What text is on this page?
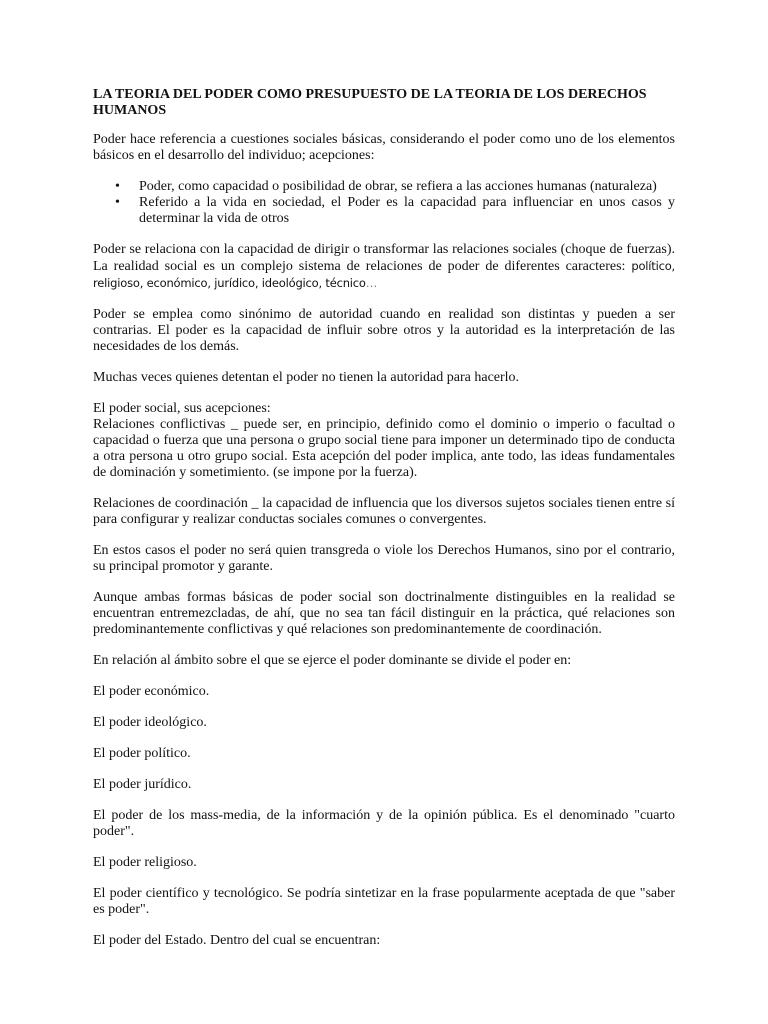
LA TEORIA DEL PODER COMO PRESUPUESTO DE LA TEORIA DE LOS DERECHOS HUMANOS

Poder hace referencia a cuestiones sociales básicas, considerando el poder como uno de los elementos básicos en el desarrollo del individuo; acepciones:

• Poder, como capacidad o posibilidad de obrar, se refiera a las acciones humanas (naturaleza)
• Referido a la vida en sociedad, el Poder es la capacidad para influenciar en unos casos y determinar la vida de otros

Poder se relaciona con la capacidad de dirigir o transformar las relaciones sociales (choque de fuerzas). La realidad social es un complejo sistema de relaciones de poder de diferentes caracteres: político, religioso, económico, jurídico, ideológico, técnico…

Poder se emplea como sinónimo de autoridad cuando en realidad son distintas y pueden a ser contrarias. El poder es la capacidad de influir sobre otros y la autoridad es la interpretación de las necesidades de los demás.

Muchas veces quienes detentan el poder no tienen la autoridad para hacerlo.

El poder social, sus acepciones:

Relaciones conflictivas _ puede ser, en principio, definido como el dominio o imperio o facultad o capacidad o fuerza que una persona o grupo social tiene para imponer un determinado tipo de conducta a otra persona u otro grupo social. Esta acepción del poder implica, ante todo, las ideas fundamentales de dominación y sometimiento. (se impone por la fuerza).

Relaciones de coordinación _ la capacidad de influencia que los diversos sujetos sociales tienen entre sí para configurar y realizar conductas sociales comunes o convergentes.

En estos casos el poder no será quien transgreda o viole los Derechos Humanos, sino por el contrario, su principal promotor y garante.

Aunque ambas formas básicas de poder social son doctrinalmente distinguibles en la realidad se encuentran entremezcladas, de ahí, que no sea tan fácil distinguir en la práctica, qué relaciones son predominantemente conflictivas y qué relaciones son predominantemente de coordinación.

En relación al ámbito sobre el que se ejerce el poder dominante se divide el poder en:

El poder económico.

El poder ideológico.

El poder político.

El poder jurídico.

El poder de los mass-media, de la información y de la opinión pública. Es el denominado "cuarto poder".

El poder religioso.

El poder científico y tecnológico. Se podría sintetizar en la frase popularmente aceptada de que "saber es poder".

El poder del Estado. Dentro del cual se encuentran:
